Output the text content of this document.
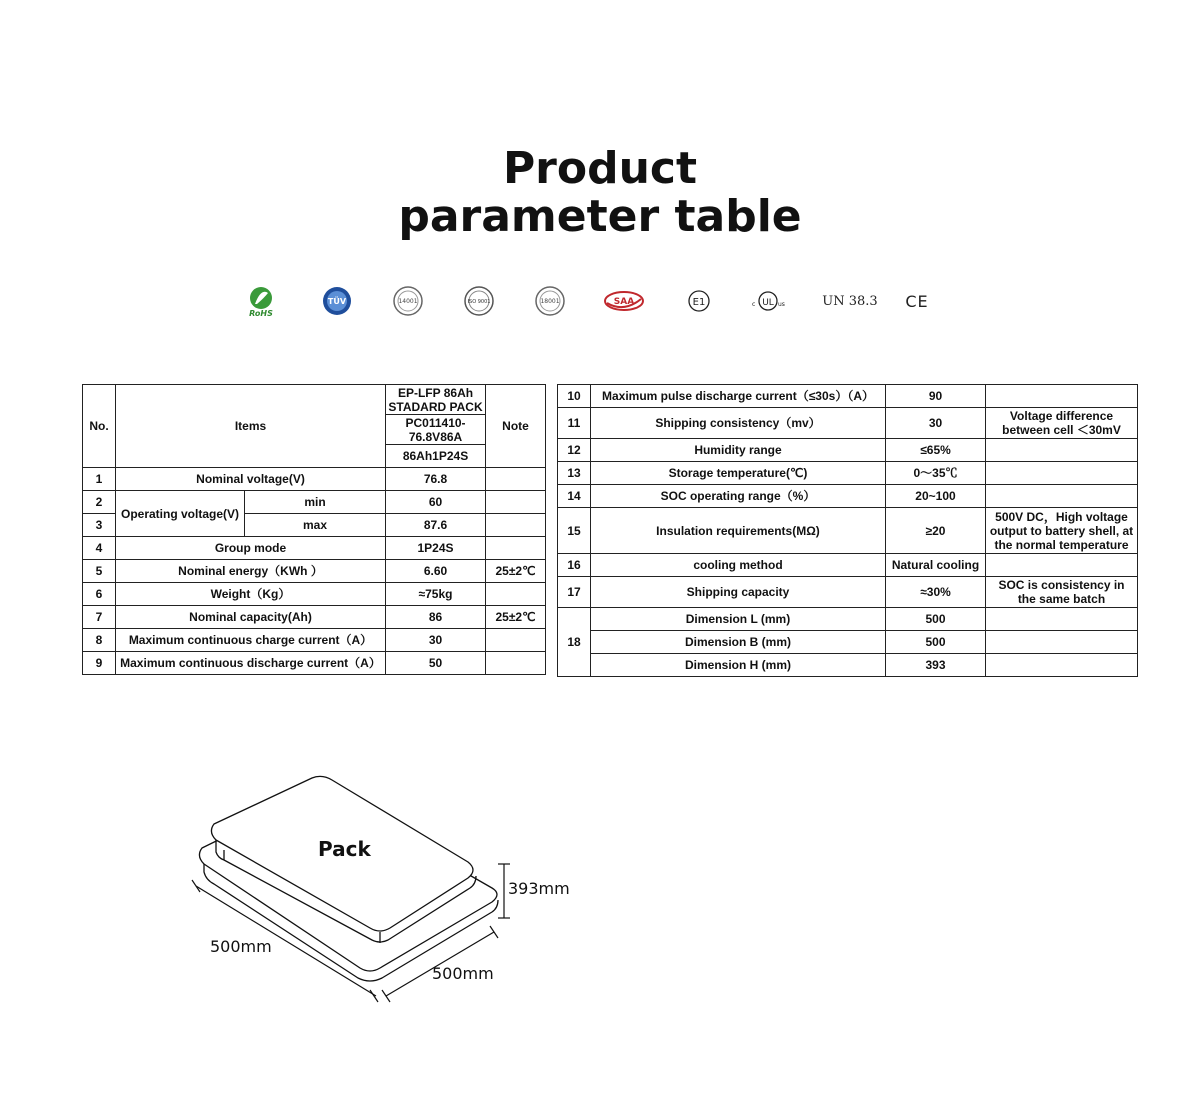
Product
parameter table
RoHS
TÜV	14001	ISO 9001	18001	SAA	E1	c UL us	UN 38.3 CE
No.	Items		EP-LFP 86Ah STADARD PACK	Note
			PC011410-76.8V86A	
			86Ah1P24S	
1	Nominal voltage(V)		76.8	
2	Operating voltage(V)	min	60	
3		max	87.6	
4	Group mode		1P24S	
5	Nominal energy（KWh ）		6.60	25±2℃
6	Weight（Kg）		≈75kg	
7	Nominal capacity(Ah)		86	25±2℃
8	Maximum continuous charge current（A）		30	
9	Maximum continuous discharge current（A）		50	
10	Maximum pulse discharge current（≤30s）（A）	90	
11	Shipping consistency（mv）	30	Voltage difference between cell ＜30mV
12	Humidity range	≤65%	
13	Storage temperature(℃)	0～35℃	
14	SOC operating range（%）	20~100	
15	Insulation requirements(MΩ)	≥20	500V DC，High voltage output to battery shell, at the normal temperature
16	cooling method	Natural cooling	
17	Shipping capacity	≈30%	SOC is consistency in the same batch
18	Dimension L (mm)	500	
	Dimension B (mm)	500	
	Dimension H (mm)	393	
Pack
393mm
500mm
500mm
